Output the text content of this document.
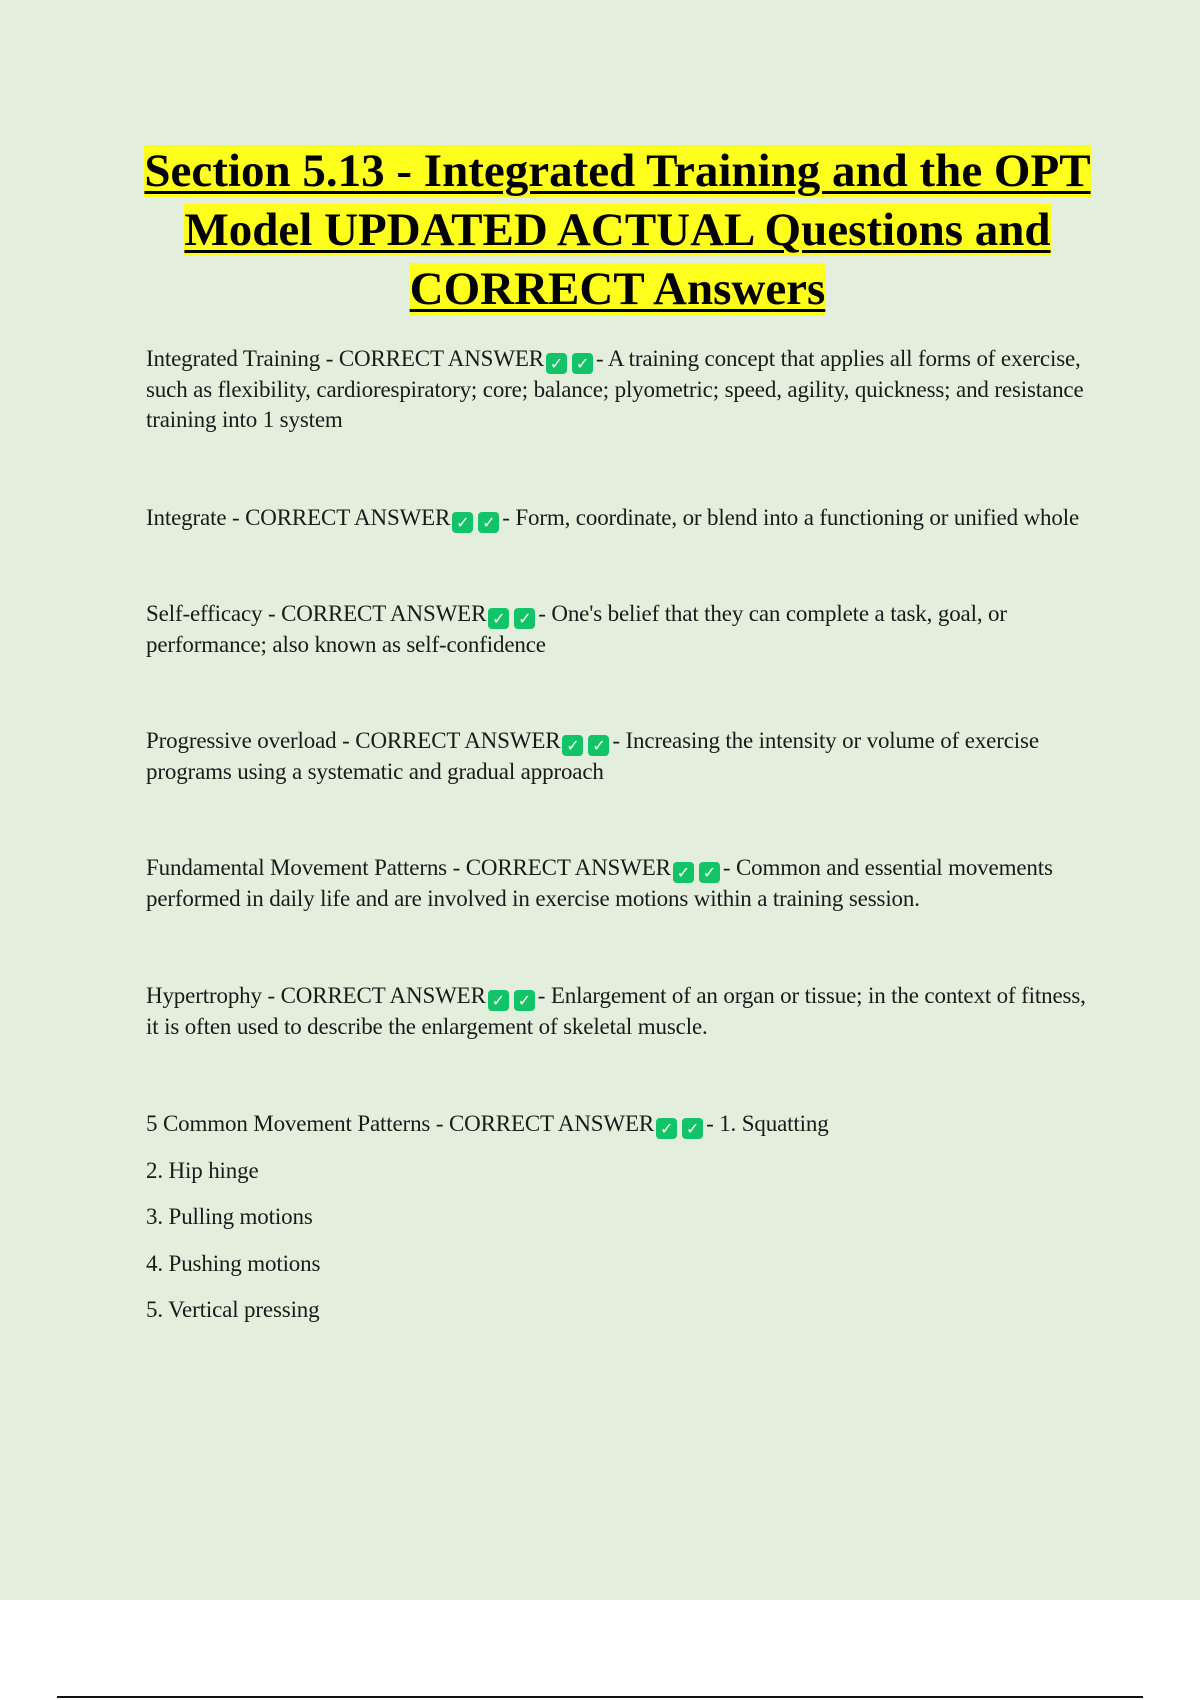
Section 5.13 - Integrated Training and the OPT Model UPDATED ACTUAL Questions and CORRECT Answers

Integrated Training - CORRECT ANSWER ✓ ✓ - A training concept that applies all forms of exercise, such as flexibility, cardiorespiratory; core; balance; plyometric; speed, agility, quickness; and resistance training into 1 system

Integrate - CORRECT ANSWER ✓ ✓ - Form, coordinate, or blend into a functioning or unified whole

Self-efficacy - CORRECT ANSWER ✓ ✓ - One's belief that they can complete a task, goal, or performance; also known as self-confidence

Progressive overload - CORRECT ANSWER ✓ ✓ - Increasing the intensity or volume of exercise programs using a systematic and gradual approach

Fundamental Movement Patterns - CORRECT ANSWER ✓ ✓ - Common and essential movements performed in daily life and are involved in exercise motions within a training session.

Hypertrophy - CORRECT ANSWER ✓ ✓ - Enlargement of an organ or tissue; in the context of fitness, it is often used to describe the enlargement of skeletal muscle.

5 Common Movement Patterns - CORRECT ANSWER ✓ ✓ - 1. Squatting

2. Hip hinge

3. Pulling motions

4. Pushing motions

5. Vertical pressing
